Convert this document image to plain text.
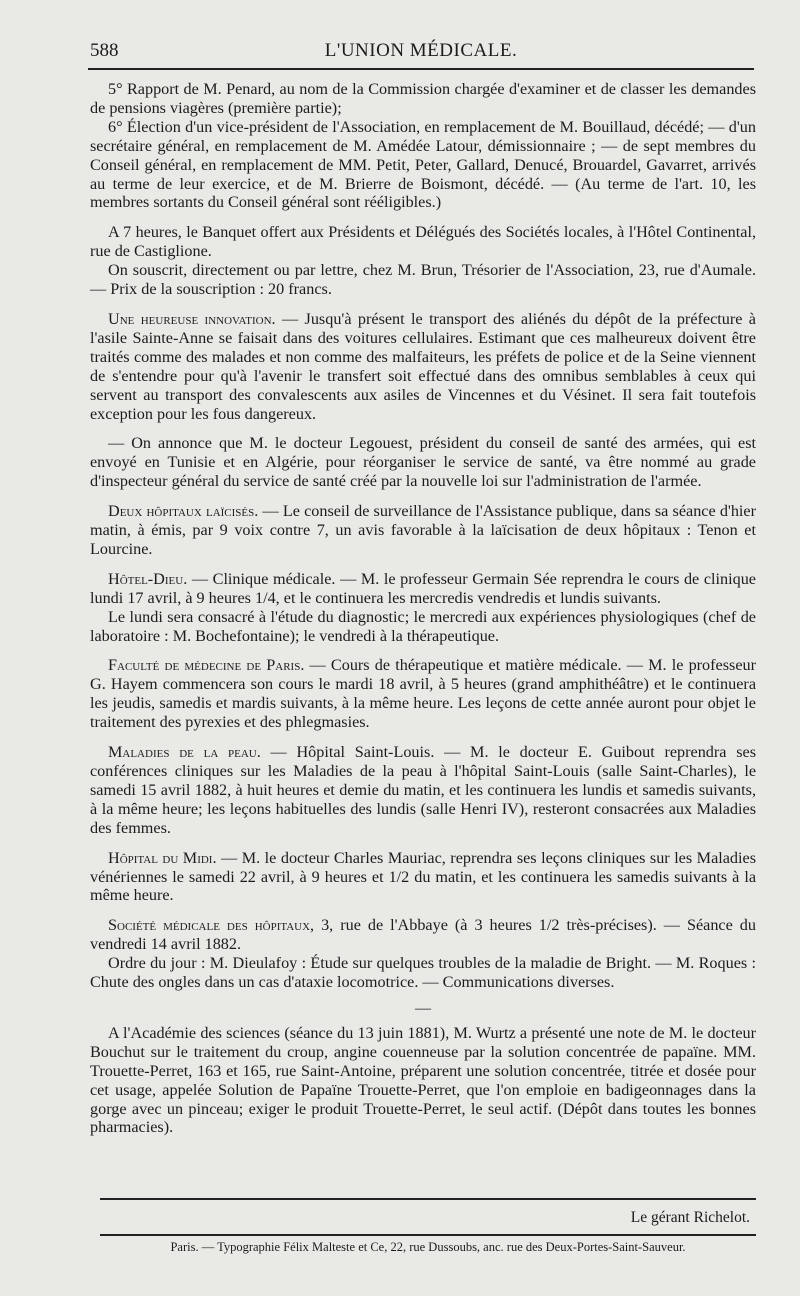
588	L'UNION MÉDICALE.

5° Rapport de M. Penard, au nom de la Commission chargée d'examiner et de classer les demandes de pensions viagères (première partie);

6° Élection d'un vice-président de l'Association, en remplacement de M. Bouillaud, décédé; — d'un secrétaire général, en remplacement de M. Amédée Latour, démissionnaire ; — de sept membres du Conseil général, en remplacement de MM. Petit, Peter, Gallard, Denucé, Brouardel, Gavarret, arrivés au terme de leur exercice, et de M. Brierre de Boismont, décédé. — (Au terme de l'art. 10, les membres sortants du Conseil général sont rééligibles.)

A 7 heures, le Banquet offert aux Présidents et Délégués des Sociétés locales, à l'Hôtel Continental, rue de Castiglione.

On souscrit, directement ou par lettre, chez M. Brun, Trésorier de l'Association, 23, rue d'Aumale. — Prix de la souscription : 20 francs.

Une heureuse innovation. — Jusqu'à présent le transport des aliénés du dépôt de la préfecture à l'asile Sainte-Anne se faisait dans des voitures cellulaires. Estimant que ces malheureux doivent être traités comme des malades et non comme des malfaiteurs, les préfets de police et de la Seine viennent de s'entendre pour qu'à l'avenir le transfert soit effectué dans des omnibus semblables à ceux qui servent au transport des convalescents aux asiles de Vincennes et du Vésinet. Il sera fait toutefois exception pour les fous dangereux.

— On annonce que M. le docteur Legouest, président du conseil de santé des armées, qui est envoyé en Tunisie et en Algérie, pour réorganiser le service de santé, va être nommé au grade d'inspecteur général du service de santé créé par la nouvelle loi sur l'administration de l'armée.

Deux hôpitaux laïcisés. — Le conseil de surveillance de l'Assistance publique, dans sa séance d'hier matin, à émis, par 9 voix contre 7, un avis favorable à la laïcisation de deux hôpitaux : Tenon et Lourcine.

Hôtel-Dieu. — Clinique médicale. — M. le professeur Germain Sée reprendra le cours de clinique lundi 17 avril, à 9 heures 1/4, et le continuera les mercredis vendredis et lundis suivants.

Le lundi sera consacré à l'étude du diagnostic; le mercredi aux expériences physiologiques (chef de laboratoire : M. Bochefontaine); le vendredi à la thérapeutique.

Faculté de médecine de Paris. — Cours de thérapeutique et matière médicale. — M. le professeur G. Hayem commencera son cours le mardi 18 avril, à 5 heures (grand amphithéâtre) et le continuera les jeudis, samedis et mardis suivants, à la même heure. Les leçons de cette année auront pour objet le traitement des pyrexies et des phlegmasies.

Maladies de la peau. — Hôpital Saint-Louis. — M. le docteur E. Guibout reprendra ses conférences cliniques sur les Maladies de la peau à l'hôpital Saint-Louis (salle Saint-Charles), le samedi 15 avril 1882, à huit heures et demie du matin, et les continuera les lundis et samedis suivants, à la même heure; les leçons habituelles des lundis (salle Henri IV), resteront consacrées aux Maladies des femmes.

Hôpital du Midi. — M. le docteur Charles Mauriac, reprendra ses leçons cliniques sur les Maladies vénériennes le samedi 22 avril, à 9 heures et 1/2 du matin, et les continuera les samedis suivants à la même heure.

Société médicale des hôpitaux, 3, rue de l'Abbaye (à 3 heures 1/2 très-précises). — Séance du vendredi 14 avril 1882.

Ordre du jour : M. Dieulafoy : Étude sur quelques troubles de la maladie de Bright. — M. Roques : Chute des ongles dans un cas d'ataxie locomotrice. — Communications diverses.

—

A l'Académie des sciences (séance du 13 juin 1881), M. Wurtz a présenté une note de M. le docteur Bouchut sur le traitement du croup, angine couenneuse par la solution concentrée de papaïne. MM. Trouette-Perret, 163 et 165, rue Saint-Antoine, préparent une solution concentrée, titrée et dosée pour cet usage, appelée Solution de Papaïne Trouette-Perret, que l'on emploie en badigeonnages dans la gorge avec un pinceau; exiger le produit Trouette-Perret, le seul actif. (Dépôt dans toutes les bonnes pharmacies).

Le gérant Richelot.
Paris. — Typographie Félix Malteste et Ce, 22, rue Dussoubs, anc. rue des Deux-Portes-Saint-Sauveur.
